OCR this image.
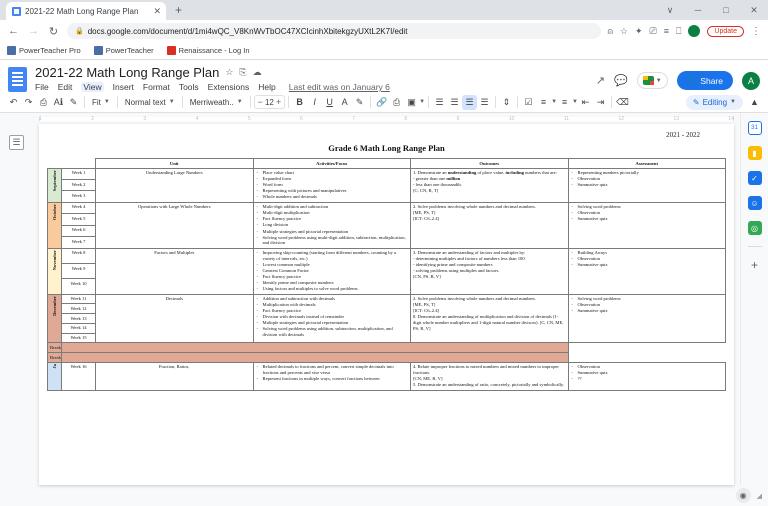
2021-22 Math Long Range Plan	✕ +	∨	─	□	✕
← → ↻ 🔒 docs.google.com/document/d/1mi4wQC_V8KnWvTbOC47XCIcinhXbitekgzyUXtL2K7I/edit	⍝ ☆ ✦ ⎚ ≡ ⎕	Update	⋮
PowerTeacher Pro	PowerTeacher	Renaissance - Log In
2021-22 Math Long Range Plan ☆ ⎘ ☁
File Edit View Insert Format Tools Extensions Help Last edit was on January 6	↗ 💬	▼	👤 Share	A
↶ ↷ ⎙ Aℹ ✎	Fit ▼ Normal text ▼ Merriweath.. ▼ − 12 +	B	I	U A ✎	🔗 ⎙ ▣ ▼	☰ ☰ ☰ ☰	⇕	☑ ≡ ▼ ≡ ▼ ⇤ ⇥	⌫	✎ Editing ▼	▲
☰
1	2	3	4	5	6	7	8	9	10	11	12	13	14
2021 - 2022
Grade 6 Math Long Range Plan
		Unit	Activities/Focus	Outcomes	Assessment
September	Week 1	Understanding Large Numbers	
-Place value chart
- Expanded form
- Word form
- Representing with pictures and manipulatives
- Whole numbers and decimals

1. Demonstrate an understanding of place value, including numbers that are:

- greater than one million

- less than one thousandth.

[C, CN, R, T]

- Representing numbers pictorially
- Observation
- Summative quiz

	Week 2				
	Week 3				
October	Week 4	Operations with Large Whole Numbers	
-Multi-digit addition and subtraction
- Multi-digit multiplication
- Fact fluency practice
- Long division
- Multiple strategies and pictorial representation
- Solving word problems using multi-digit addition, subtraction, multiplication, and division

2. Solve problems involving whole numbers and decimal numbers.

[ME, PS, T]

[ICT: C6–2.4]

- Solving word problems
- Observation
- Summative quiz

	Week 5				
	Week 6				
	Week 7				
November	Week 8	Factors and Multiples	
-Improving skip-counting (starting from different numbers, counting by a variety of intervals, etc.)
- Lowest common multiple
- Greatest Common Factor
- Fact fluency practice
- Identify prime and composite numbers
- Using factors and multiples to solve word problems

3. Demonstrate an understanding of factors and multiples by:

- determining multiples and factors of numbers less than 100

- identifying prime and composite numbers

- solving problems using multiples and factors.

[CN, PS, R, V]

- Building Arrays
- Observation
- Summative quiz

	Week 9				
	Week 10				
December	Week 11	Decimals	
-Addition and subtraction with decimals
- Multiplication with decimals
- Fact fluency practice
- Division with decimals instead of remainder
- Multiple strategies and pictorial representation
- Solving word problems using addition, subtraction, multiplication, and division with decimals

2. Solve problems involving whole numbers and decimal numbers.

[ME, PS, T]

[ICT: C6–2.4]

8. Demonstrate an understanding of multiplication and division of decimals (1-digit whole number multipliers and 1-digit natural number divisors). [C, CN, ME, PS, R, V]

- Solving word problems
- Observation
- Summative quiz

	Week 12				
	Week 13				
	Week 14				
	Week 15				
Break					
Break					
Ja	Week 16	Fraction, Ratios,	
-Related decimals to fractions and percent, convert simple decimals into fractions and percents and vise versa
- Represent fractions in multiple ways, convert fractions between

4. Relate improper fractions to mixed numbers and mixed numbers to improper fractions.

[CN, ME, R, V]

5. Demonstrate an understanding of ratio, concretely, pictorially and symbolically.

- Observation
- Summative quiz
- ??
31
▮
✓
☺
◎
+
◉	◢
